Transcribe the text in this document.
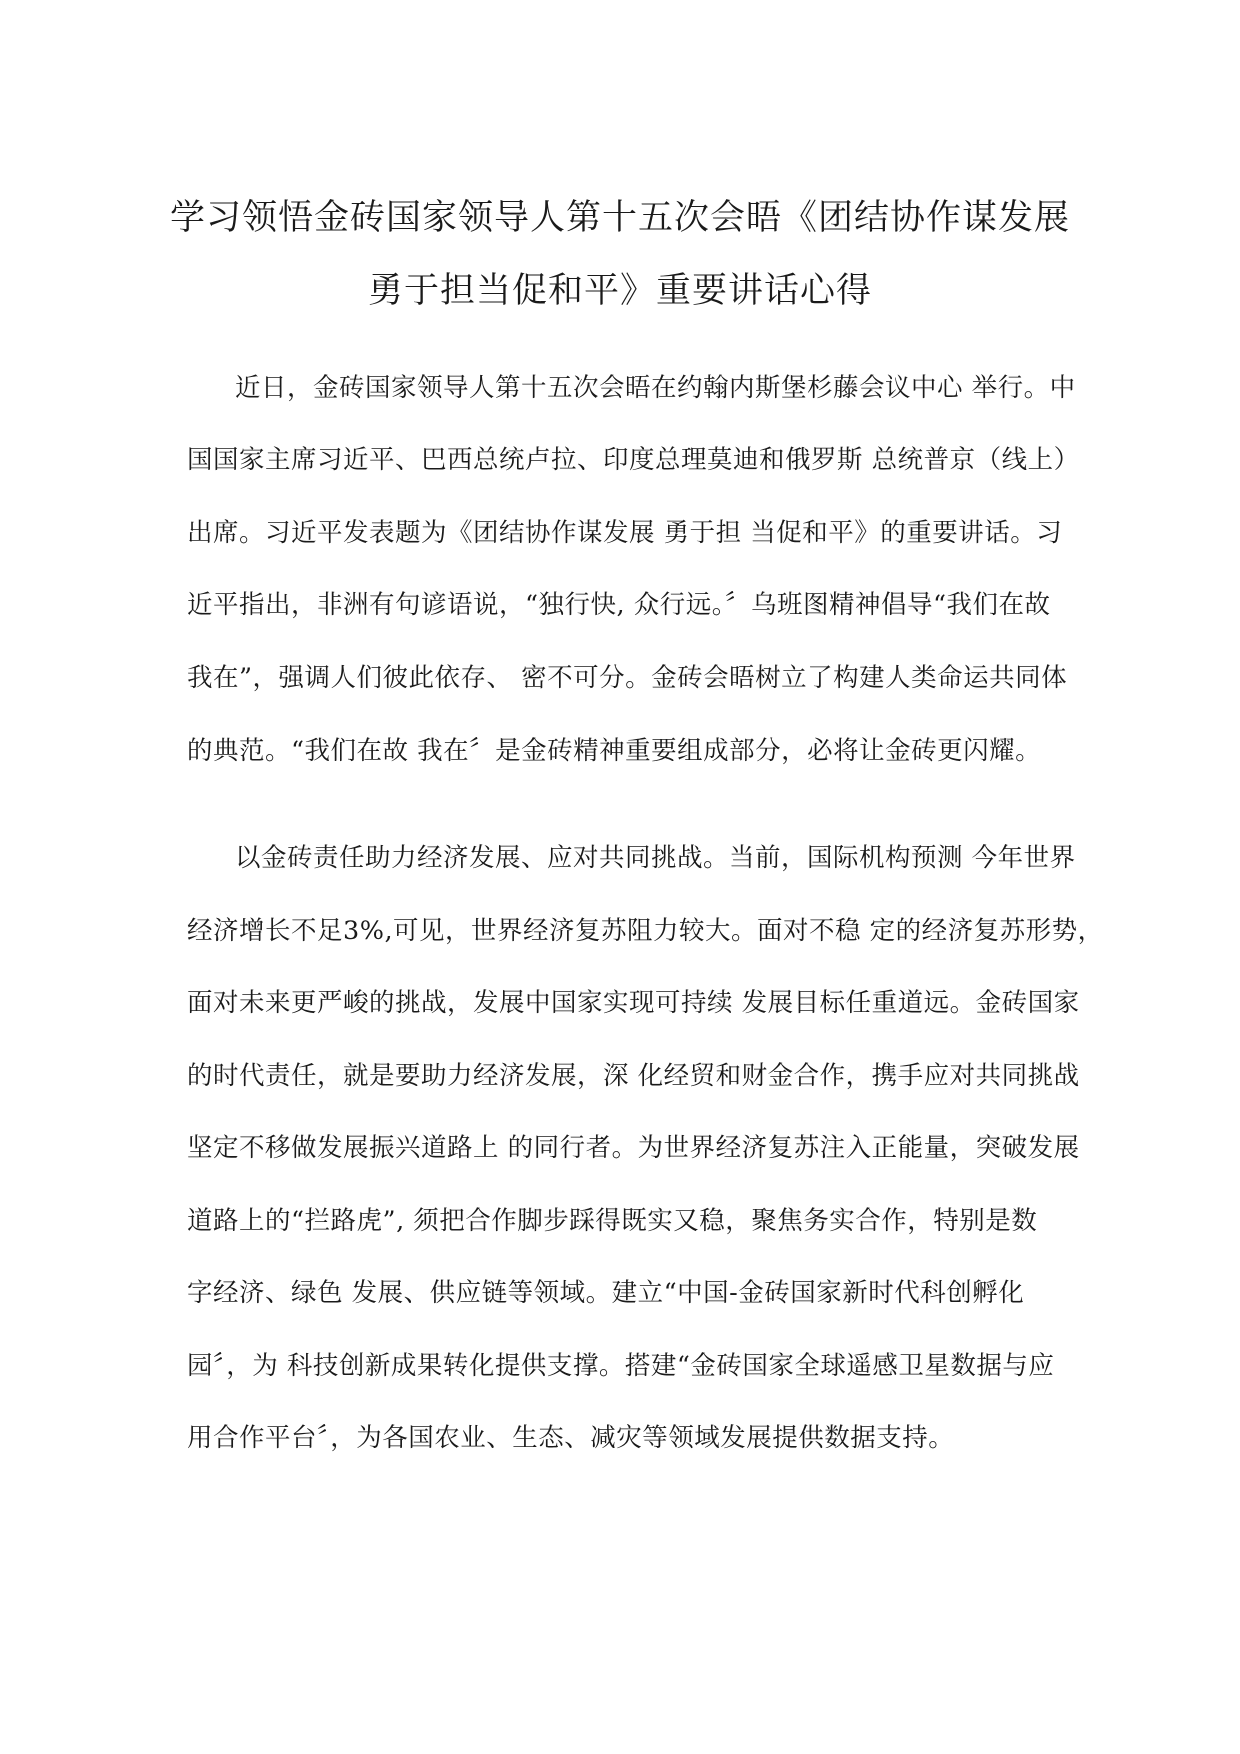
学习领悟金砖国家领导人第十五次会晤《团结协作谋发展
勇于担当促和平》重要讲话心得
近日，金砖国家领导人第十五次会晤在约翰内斯堡杉藤会议中心 举行。中
国国家主席习近平、巴西总统卢拉、印度总理莫迪和俄罗斯 总统普京（线上）
出席。习近平发表题为《团结协作谋发展 勇于担 当促和平》的重要讲话。习
近平指出，非洲有句谚语说，“独行快, 众行远。〞乌班图精神倡导“我们在故
我在”，强调人们彼此依存、 密不可分。金砖会晤树立了构建人类命运共同体
的典范。“我们在故 我在〞是金砖精神重要组成部分，必将让金砖更闪耀。
以金砖责任助力经济发展、应对共同挑战。当前，国际机构预测 今年世界
经济增长不足3%,可见，世界经济复苏阻力较大。面对不稳 定的经济复苏形势，
面对未来更严峻的挑战，发展中国家实现可持续 发展目标任重道远。金砖国家
的时代责任，就是要助力经济发展，深 化经贸和财金合作，携手应对共同挑战
坚定不移做发展振兴道路上 的同行者。为世界经济复苏注入正能量，突破发展
道路上的“拦路虎”, 须把合作脚步踩得既实又稳，聚焦务实合作，特别是数
字经济、绿色 发展、供应链等领域。建立“中国-金砖国家新时代科创孵化
园〞，为 科技创新成果转化提供支撑。搭建“金砖国家全球遥感卫星数据与应
用合作平台〞，为各国农业、生态、减灾等领域发展提供数据支持。
